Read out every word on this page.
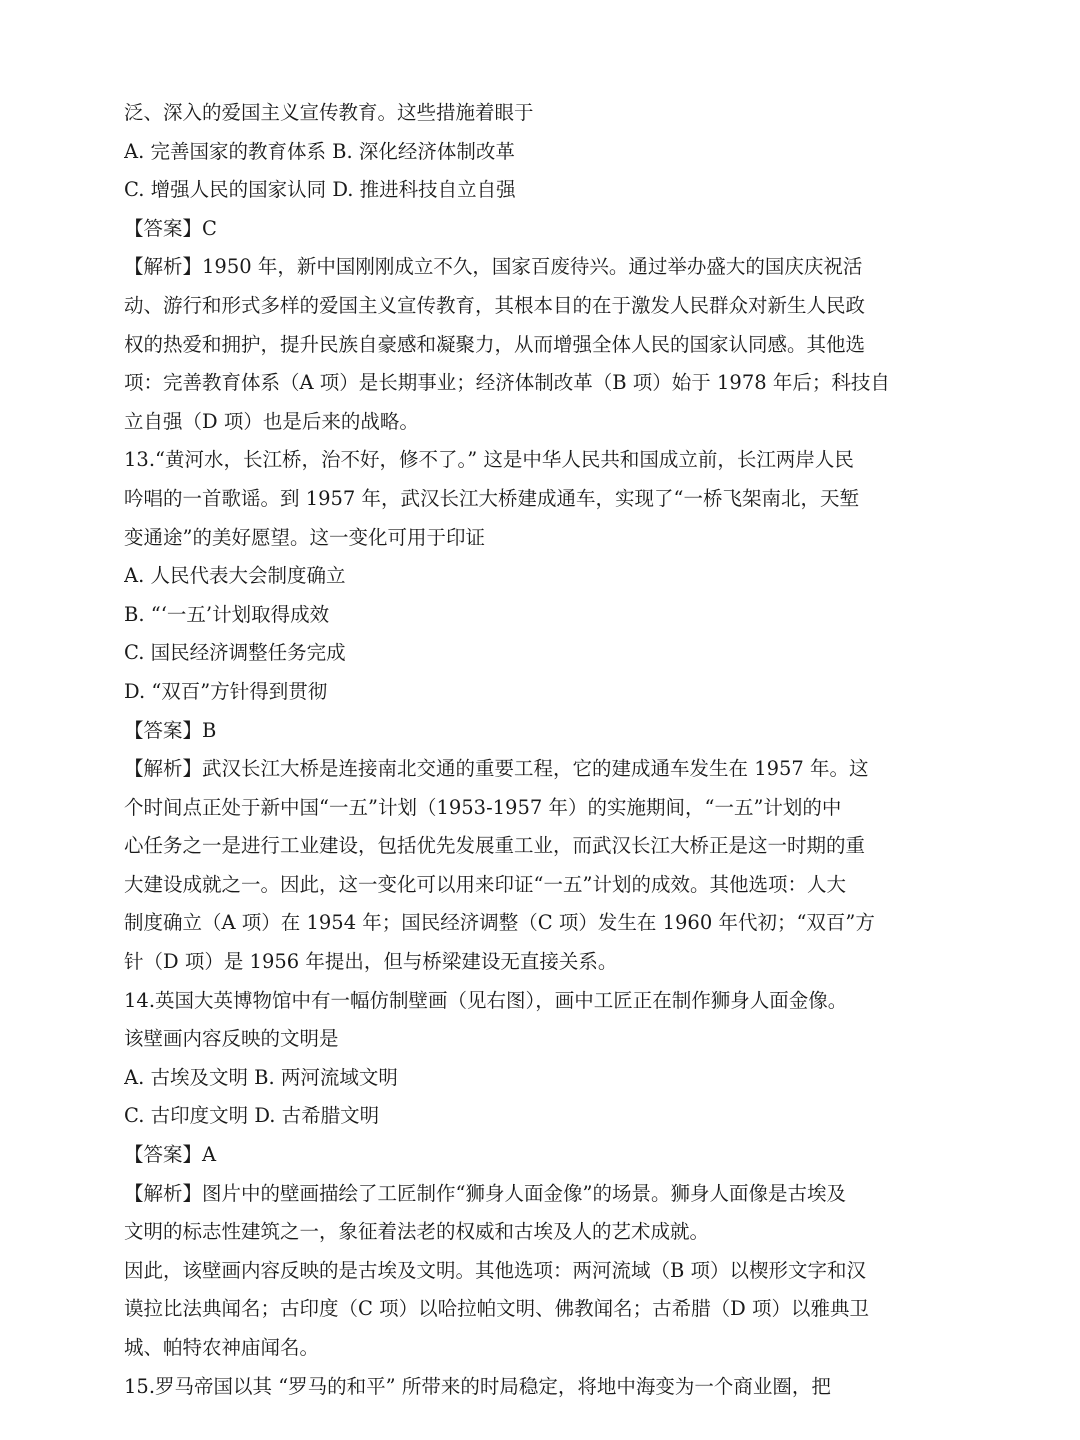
泛、深入的爱国主义宣传教育。这些措施着眼于
A. 完善国家的教育体系 B. 深化经济体制改革
C. 增强人民的国家认同 D. 推进科技自立自强
【答案】C
【解析】1950 年，新中国刚刚成立不久，国家百废待兴。通过举办盛大的国庆庆祝活
动、游行和形式多样的爱国主义宣传教育，其根本目的在于激发人民群众对新生人民政
权的热爱和拥护，提升民族自豪感和凝聚力，从而增强全体人民的国家认同感。其他选
项：完善教育体系（A 项）是长期事业；经济体制改革（B 项）始于 1978 年后；科技自
立自强（D 项）也是后来的战略。
13.“黄河水，长江桥，治不好，修不了。” 这是中华人民共和国成立前，长江两岸人民
吟唱的一首歌谣。到 1957 年，武汉长江大桥建成通车，实现了“一桥飞架南北，天堑
变通途”的美好愿望。这一变化可用于印证
A. 人民代表大会制度确立
B. “‘一五’计划取得成效
C. 国民经济调整任务完成
D. “双百”方针得到贯彻
【答案】B
【解析】武汉长江大桥是连接南北交通的重要工程，它的建成通车发生在 1957 年。这
个时间点正处于新中国“一五”计划（1953-1957 年）的实施期间，“一五”计划的中
心任务之一是进行工业建设，包括优先发展重工业，而武汉长江大桥正是这一时期的重
大建设成就之一。因此，这一变化可以用来印证“一五”计划的成效。其他选项：人大
制度确立（A 项）在 1954 年；国民经济调整（C 项）发生在 1960 年代初；“双百”方
针（D 项）是 1956 年提出，但与桥梁建设无直接关系。
14.英国大英博物馆中有一幅仿制壁画（见右图），画中工匠正在制作狮身人面金像。
该壁画内容反映的文明是
A. 古埃及文明 B. 两河流域文明
C. 古印度文明 D. 古希腊文明
【答案】A
【解析】图片中的壁画描绘了工匠制作“狮身人面金像”的场景。狮身人面像是古埃及
文明的标志性建筑之一，象征着法老的权威和古埃及人的艺术成就。
因此，该壁画内容反映的是古埃及文明。其他选项：两河流域（B 项）以楔形文字和汉
谟拉比法典闻名；古印度（C 项）以哈拉帕文明、佛教闻名；古希腊（D 项）以雅典卫
城、帕特农神庙闻名。
15.罗马帝国以其 “罗马的和平” 所带来的时局稳定，将地中海变为一个商业圈，把
